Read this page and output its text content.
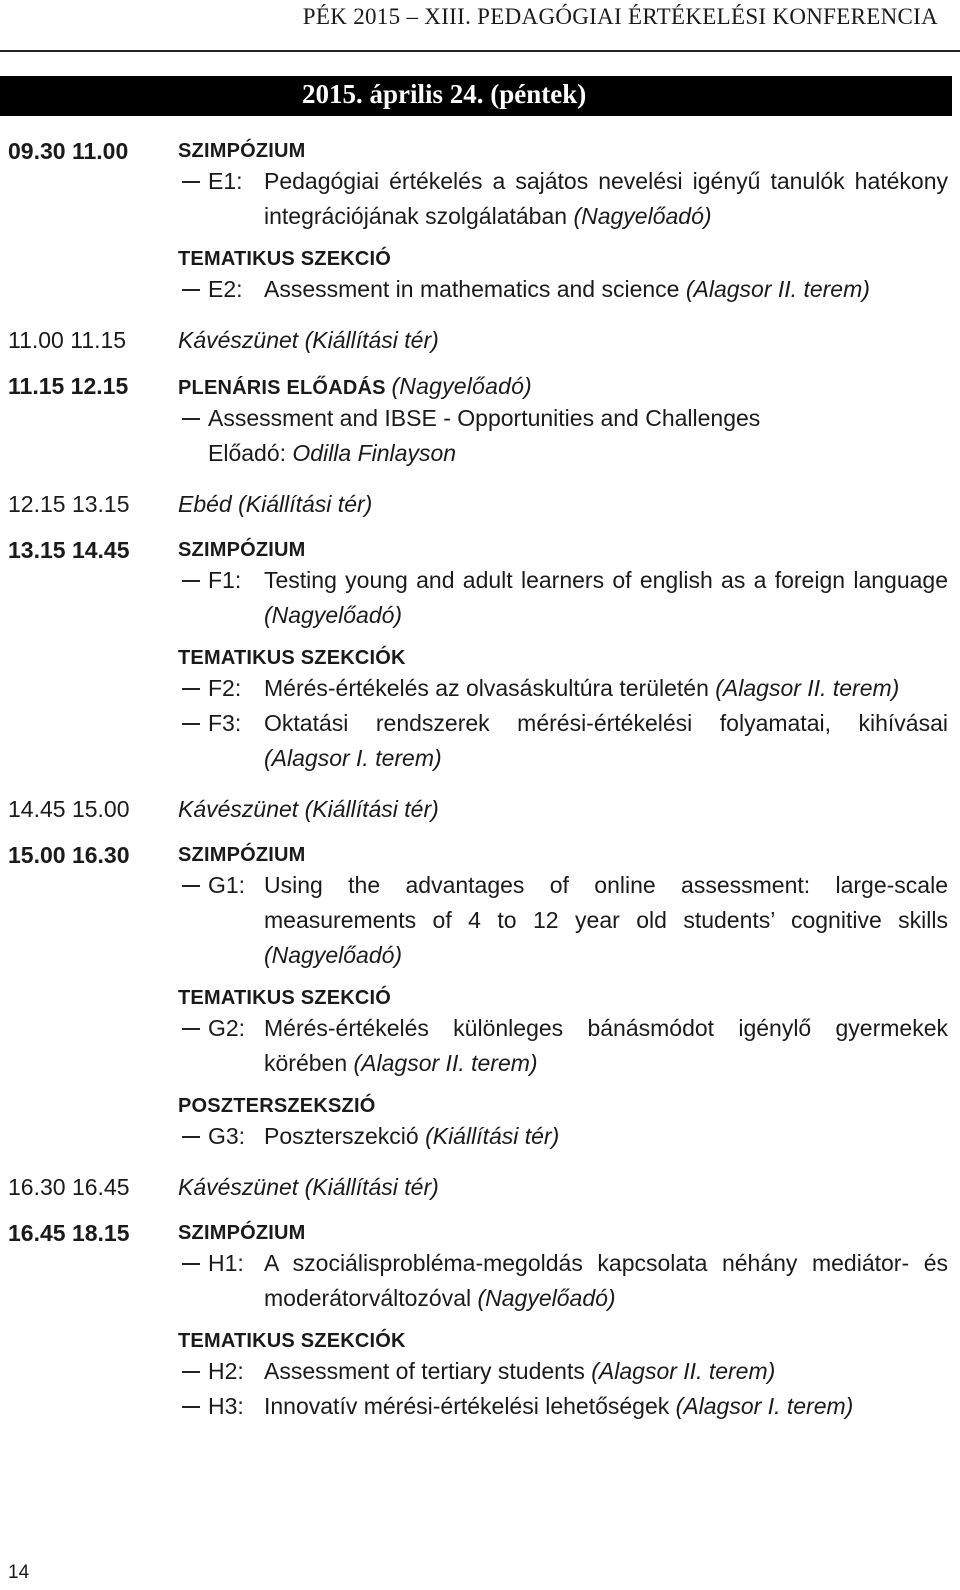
PÉK 2015 – XIII. PEDAGÓGIAI ÉRTÉKELÉSI KONFERENCIA
2015. április 24. (péntek)
09.30 11.00 SZIMPÓZIUM
E1: Pedagógiai értékelés a sajátos nevelési igényű tanulók hatékony integrációjának szolgálatában (Nagyelőadó)
TEMATIKUS SZEKCIÓ
E2: Assessment in mathematics and science (Alagsor II. terem)
11.00 11.15 Kávészünet (Kiállítási tér)
11.15 12.15 PLENÁRIS ELŐADÁS (Nagyelőadó)
Assessment and IBSE - Opportunities and Challenges
Előadó: Odilla Finlayson
12.15 13.15 Ebéd (Kiállítási tér)
13.15 14.45 SZIMPÓZIUM
F1: Testing young and adult learners of english as a foreign language (Nagyelőadó)
TEMATIKUS SZEKCIÓK
F2: Mérés-értékelés az olvasáskultúra területén (Alagsor II. terem)
F3: Oktatási rendszerek mérési-értékelési folyamatai, kihívásai (Alagsor I. terem)
14.45 15.00 Kávészünet (Kiállítási tér)
15.00 16.30 SZIMPÓZIUM
G1: Using the advantages of online assessment: large-scale measurements of 4 to 12 year old students’ cognitive skills (Nagyelőadó)
TEMATIKUS SZEKCIÓ
G2: Mérés-értékelés különleges bánásmódot igénylő gyermekek körében (Alagsor II. terem)
POSZTERSZEKSZIÓ
G3: Poszterszekció (Kiállítási tér)
16.30 16.45 Kávészünet (Kiállítási tér)
16.45 18.15 SZIMPÓZIUM
H1: A szociálisprobléma-megoldás kapcsolata néhány mediátor- és moderátorváltozóval (Nagyelőadó)
TEMATIKUS SZEKCIÓK
H2: Assessment of tertiary students (Alagsor II. terem)
H3: Innovatív mérési-értékelési lehetőségek (Alagsor I. terem)
14
